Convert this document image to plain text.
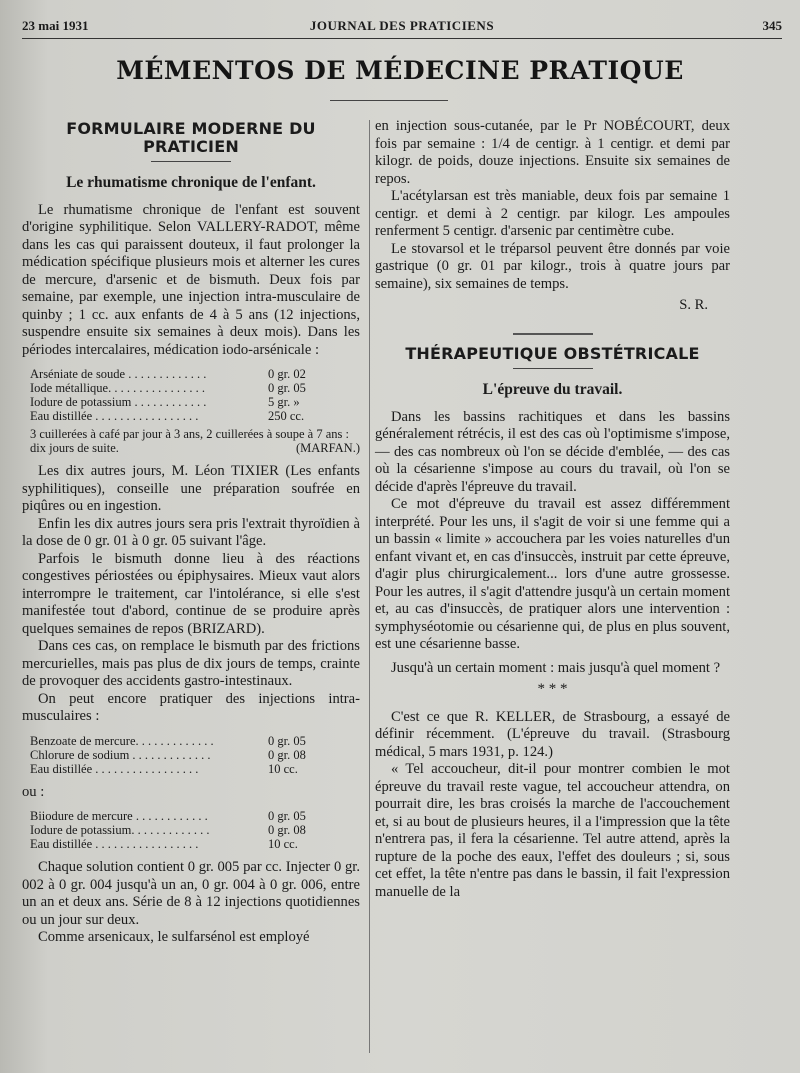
23 mai 1931	JOURNAL DES PRATICIENS	345
MÉMENTOS DE MÉDECINE PRATIQUE
FORMULAIRE MODERNE DU PRATICIEN
Le rhumatisme chronique de l'enfant.

Le rhumatisme chronique de l'enfant est souvent d'origine syphilitique. Selon VALLERY-RADOT, même dans les cas qui paraissent douteux, il faut prolonger la médication spécifique plusieurs mois et alterner les cures de mercure, d'arsenic et de bismuth. Deux fois par semaine, par exemple, une injection intra-musculaire de quinby ; 1 cc. aux enfants de 4 à 5 ans (12 injections, suspendre ensuite six semaines à deux mois). Dans les périodes intercalaires, médication iodo-arsénicale :

Arséniate de soude . . . . . . . . . . . . .	0 gr. 02
Iode métallique. . . . . . . . . . . . . . . .	0 gr. 05
Iodure de potassium . . . . . . . . . . . .	5 gr. »
Eau distillée . . . . . . . . . . . . . . . . .	250 cc.
3 cuillerées à café par jour à 3 ans, 2 cuillerées à soupe à 7 ans : dix jours de suite.	(MARFAN.)

Les dix autres jours, M. Léon TIXIER (Les enfants syphilitiques), conseille une préparation soufrée en piqûres ou en ingestion.

Enfin les dix autres jours sera pris l'extrait thyroïdien à la dose de 0 gr. 01 à 0 gr. 05 suivant l'âge.

Parfois le bismuth donne lieu à des réactions congestives périostées ou épiphysaires. Mieux vaut alors interrompre le traitement, car l'intolérance, si elle s'est manifestée tout d'abord, continue de se produire après quelques semaines de repos (BRIZARD).

Dans ces cas, on remplace le bismuth par des frictions mercurielles, mais pas plus de dix jours de temps, crainte de provoquer des accidents gastro-intestinaux.

On peut encore pratiquer des injections intra-musculaires :

Benzoate de mercure. . . . . . . . . . . . .	0 gr. 05
Chlorure de sodium . . . . . . . . . . . . .	0 gr. 08
Eau distillée . . . . . . . . . . . . . . . . .	10 cc.

ou :

Biiodure de mercure . . . . . . . . . . . .	0 gr. 05
Iodure de potassium. . . . . . . . . . . . .	0 gr. 08
Eau distillée . . . . . . . . . . . . . . . . .	10 cc.

Chaque solution contient 0 gr. 005 par cc. Injecter 0 gr. 002 à 0 gr. 004 jusqu'à un an, 0 gr. 004 à 0 gr. 006, entre un an et deux ans. Série de 8 à 12 injections quotidiennes ou un jour sur deux.

Comme arsenicaux, le sulfarsénol est employé

en injection sous-cutanée, par le Pr NOBÉCOURT, deux fois par semaine : 1/4 de centigr. à 1 centigr. et demi par kilogr. de poids, douze injections. Ensuite six semaines de repos.

L'acétylarsan est très maniable, deux fois par semaine 1 centigr. et demi à 2 centigr. par kilogr. Les ampoules renferment 5 centigr. d'arsenic par centimètre cube.

Le stovarsol et le tréparsol peuvent être donnés par voie gastrique (0 gr. 01 par kilogr., trois à quatre jours par semaine), six semaines de temps.

S. R.
THÉRAPEUTIQUE OBSTÉTRICALE
L'épreuve du travail.

Dans les bassins rachitiques et dans les bassins généralement rétrécis, il est des cas où l'optimisme s'impose, — des cas nombreux où l'on se décide d'emblée, — des cas où la césarienne s'impose au cours du travail, où l'on se décide d'après l'épreuve du travail.

Ce mot d'épreuve du travail est assez différemment interprété. Pour les uns, il s'agit de voir si une femme qui a un bassin « limite » accouchera par les voies naturelles d'un enfant vivant et, en cas d'insuccès, instruit par cette épreuve, d'agir plus chirurgicalement... lors d'une autre grossesse. Pour les autres, il s'agit d'attendre jusqu'à un certain moment et, au cas d'insuccès, de pratiquer alors une intervention : symphyséotomie ou césarienne qui, de plus en plus souvent, est une césarienne basse.

Jusqu'à un certain moment : mais jusqu'à quel moment ?

* * *

C'est ce que R. KELLER, de Strasbourg, a essayé de définir récemment. (L'épreuve du travail. (Strasbourg médical, 5 mars 1931, p. 124.)

« Tel accoucheur, dit-il pour montrer combien le mot épreuve du travail reste vague, tel accoucheur attendra, on pourrait dire, les bras croisés la marche de l'accouchement et, si au bout de plusieurs heures, il a l'impression que la tête n'entrera pas, il fera la césarienne. Tel autre attend, après la rupture de la poche des eaux, l'effet des douleurs ; si, sous cet effet, la tête n'entre pas dans le bassin, il fait l'expression manuelle de la
